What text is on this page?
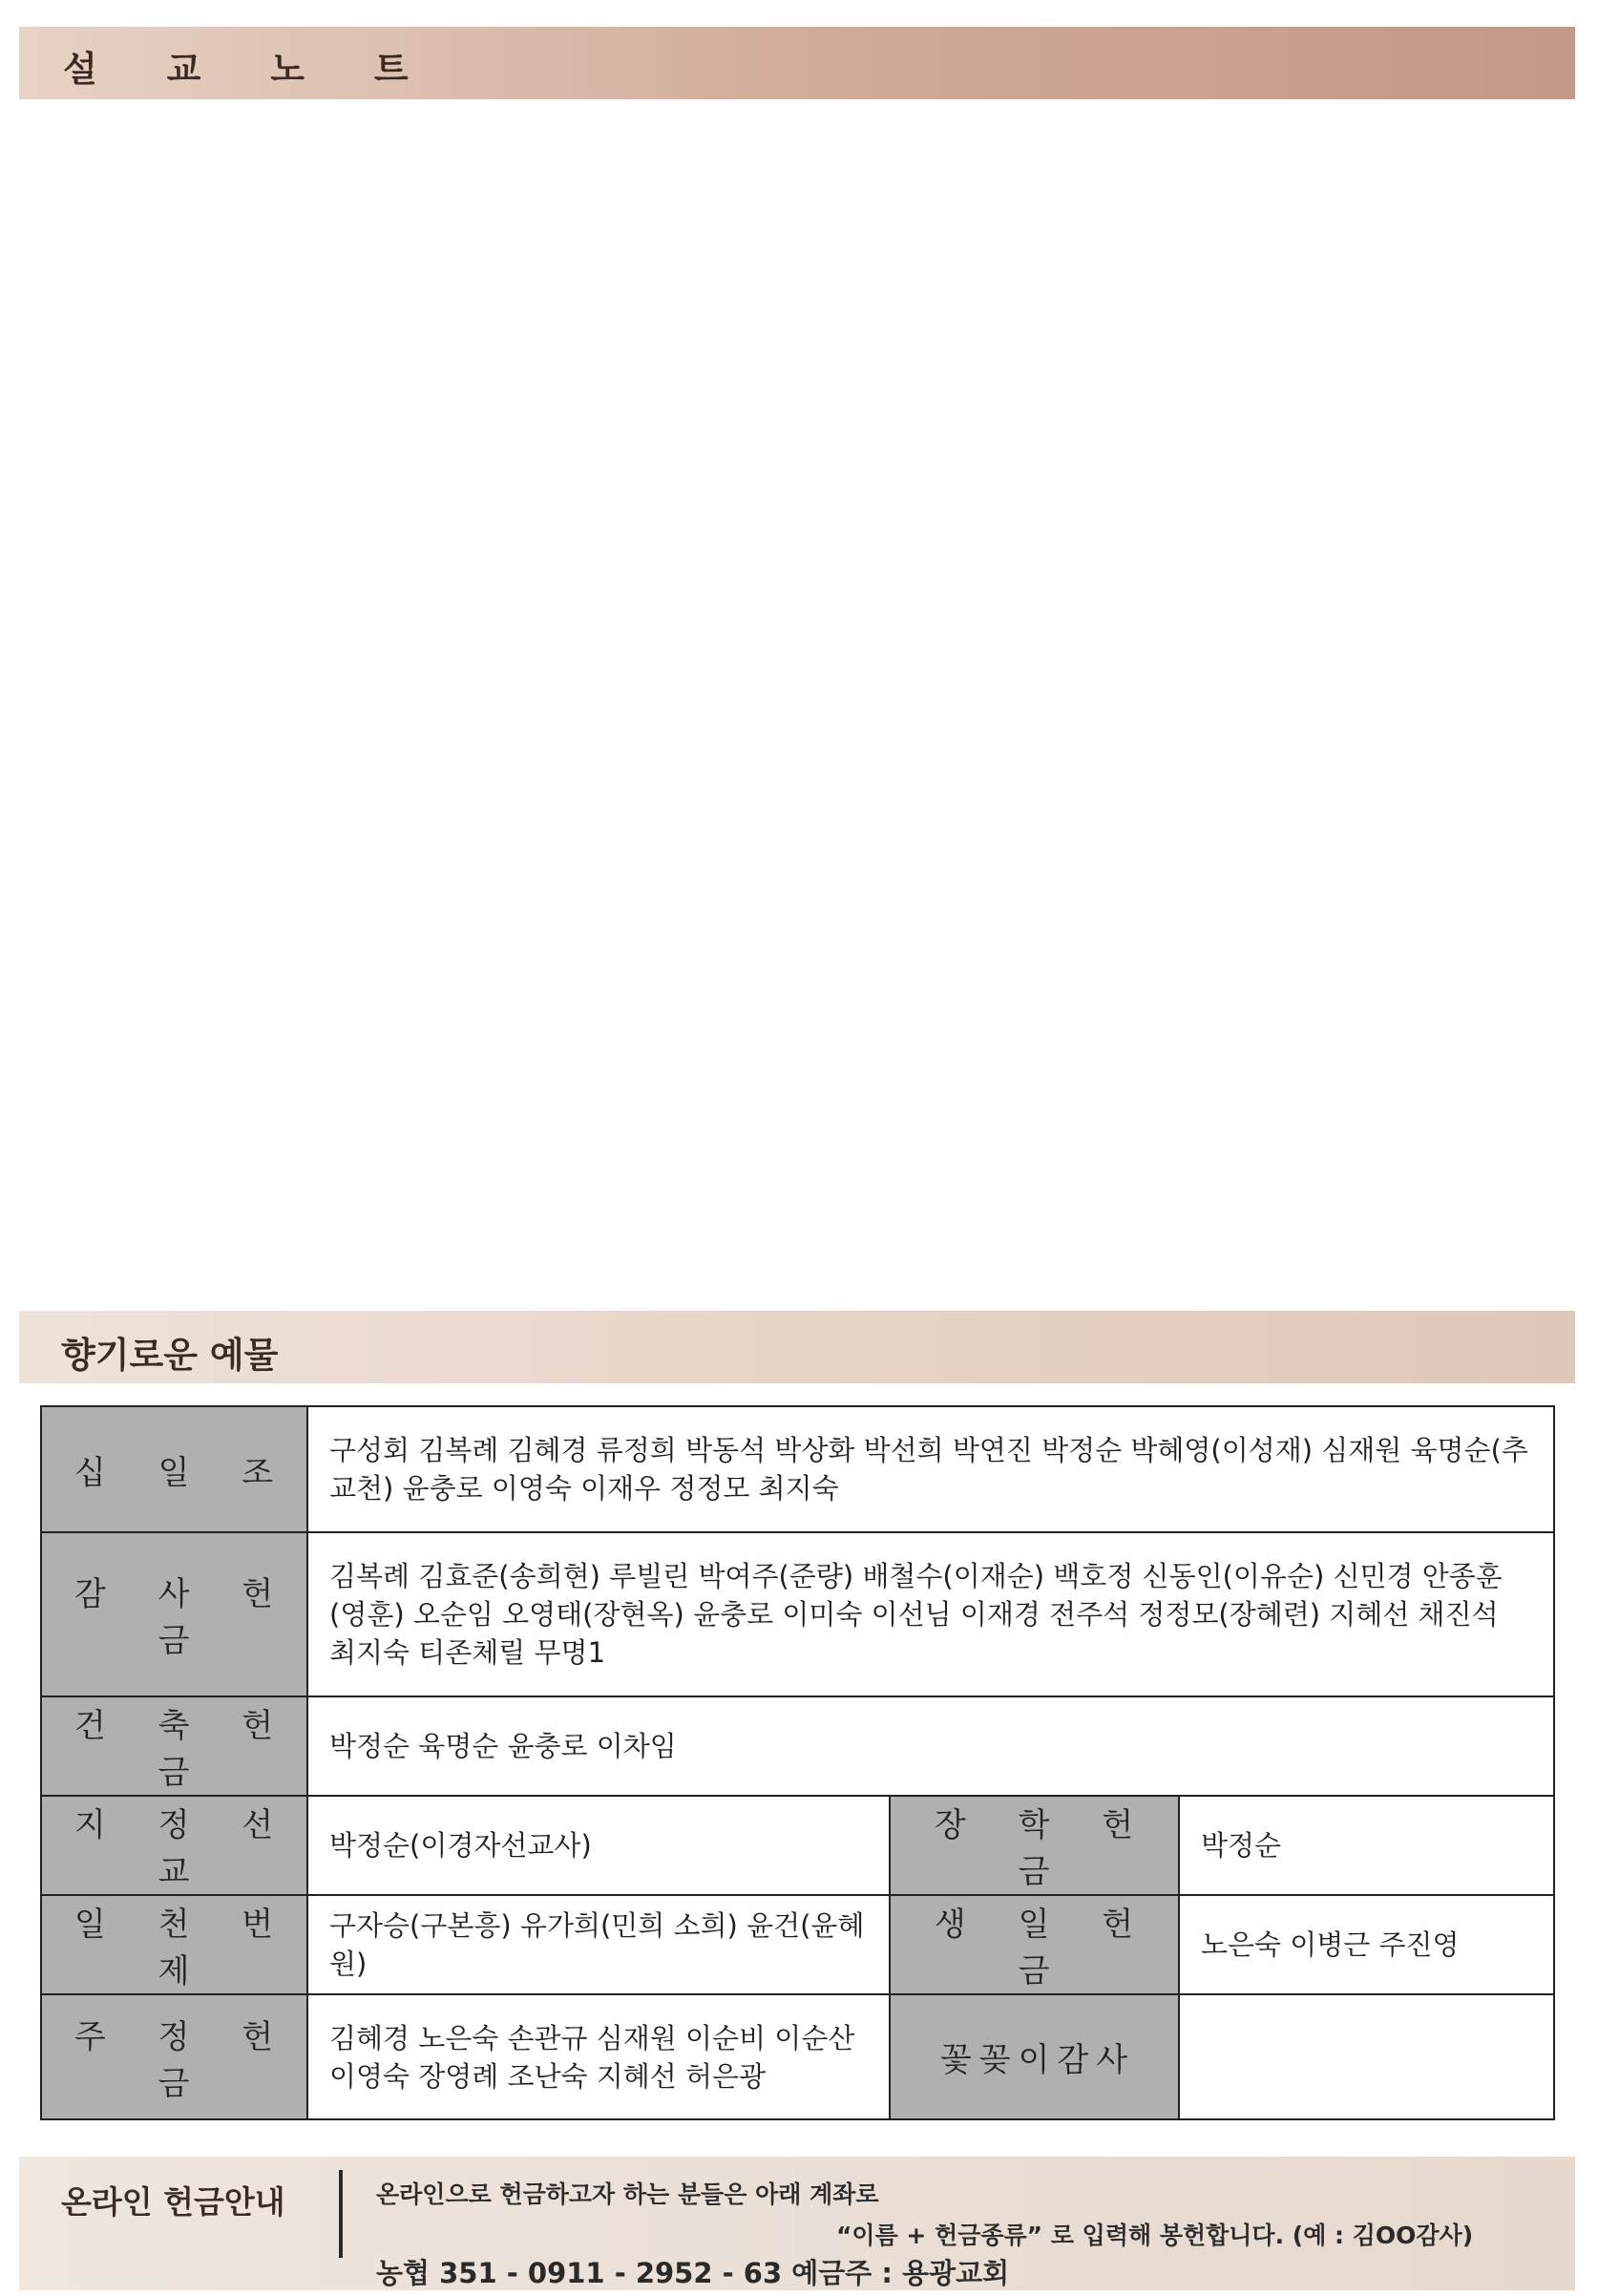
설 교 노 트
향기로운 예물
십 일 조	구성회 김복례 김혜경 류정희 박동석 박상화 박선희 박연진 박정순 박혜영(이성재) 심재원 육명순(추교천) 윤충로 이영숙 이재우 정정모 최지숙		
감 사 헌 금	김복례 김효준(송희현) 루빌린 박여주(준량) 배철수(이재순) 백호정 신동인(이유순) 신민경 안종훈(영훈) 오순임 오영태(장현옥) 윤충로 이미숙 이선님 이재경 전주석 정정모(장혜련) 지혜선 채진석 최지숙 티존체릴 무명1		
건 축 헌 금	박정순 육명순 윤충로 이차임		
지 정 선 교	박정순(이경자선교사)	장 학 헌 금	박정순
일 천 번 제	구자승(구본흥) 유가희(민희 소희) 윤건(윤혜원)	생 일 헌 금	노은숙 이병근 주진영
주 정 헌 금	김혜경 노은숙 손관규 심재원 이순비 이순산 이영숙 장영례 조난숙 지혜선 허은광	꽃꽂이감사	
온라인 헌금안내	온라인으로 헌금하고자 하는 분들은 아래 계좌로
“이름 + 헌금종류” 로 입력해 봉헌합니다. (예 : 김OO감사)
농협 351 - 0911 - 2952 - 63 예금주 : 용광교회
